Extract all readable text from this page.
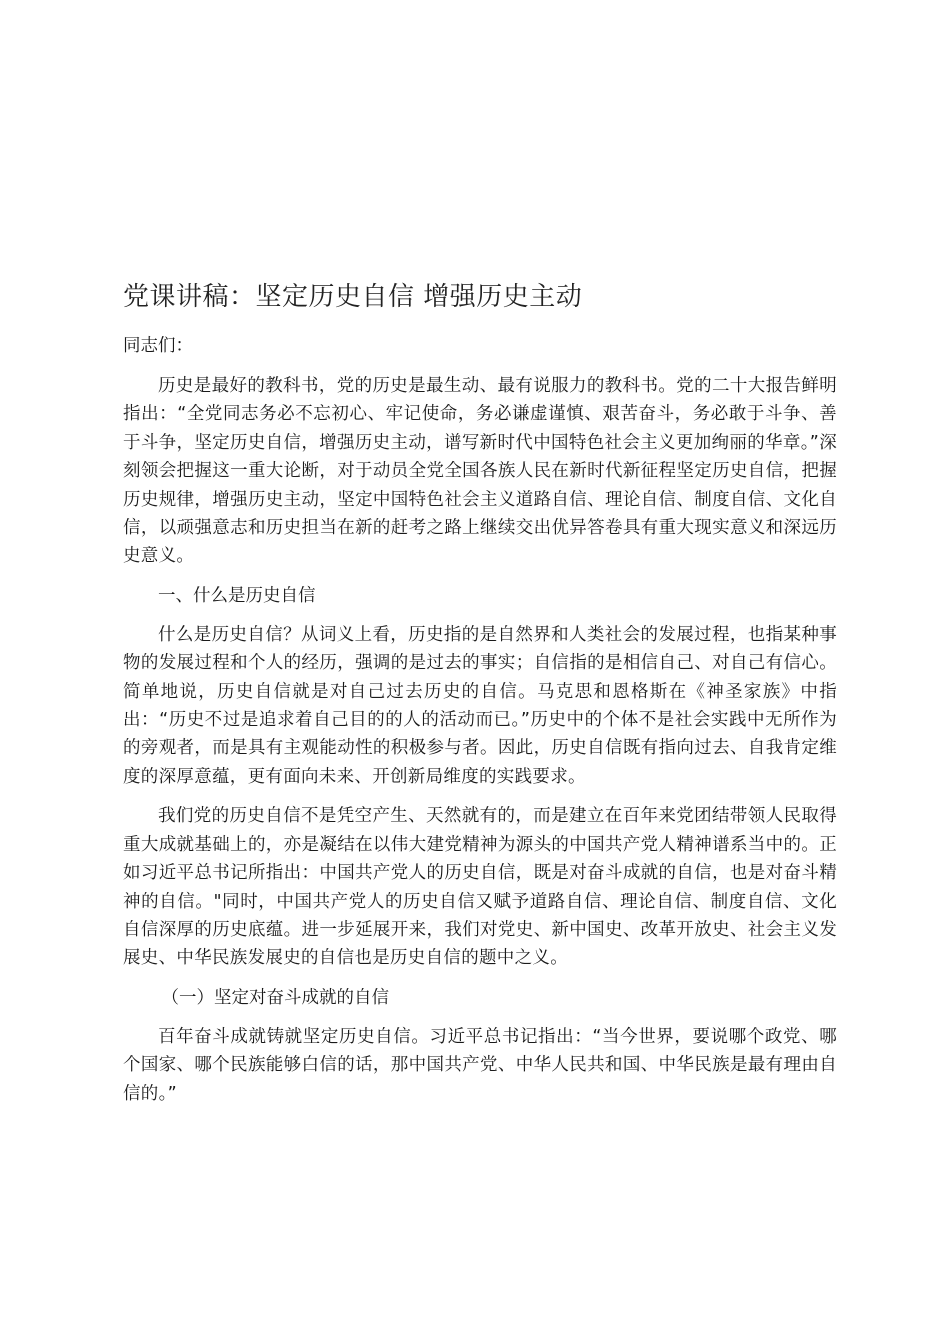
党课讲稿：坚定历史自信 增强历史主动

同志们：

历史是最好的教科书，党的历史是最生动、最有说服力的教科书。党的二十大报告鲜明指出：“全党同志务必不忘初心、牢记使命，务必谦虚谨慎、艰苦奋斗，务必敢于斗争、善于斗争，坚定历史自信，增强历史主动，谱写新时代中国特色社会主义更加绚丽的华章。”深刻领会把握这一重大论断，对于动员全党全国各族人民在新时代新征程坚定历史自信，把握历史规律，增强历史主动，坚定中国特色社会主义道路自信、理论自信、制度自信、文化自信，以顽强意志和历史担当在新的赶考之路上继续交出优异答卷具有重大现实意义和深远历史意义。

一、什么是历史自信

什么是历史自信？从词义上看，历史指的是自然界和人类社会的发展过程，也指某种事物的发展过程和个人的经历，强调的是过去的事实；自信指的是相信自己、对自己有信心。简单地说，历史自信就是对自己过去历史的自信。马克思和恩格斯在《神圣家族》中指出：“历史不过是追求着自己目的的人的活动而已。”历史中的个体不是社会实践中无所作为的旁观者，而是具有主观能动性的积极参与者。因此，历史自信既有指向过去、自我肯定维度的深厚意蕴，更有面向未来、开创新局维度的实践要求。

我们党的历史自信不是凭空产生、天然就有的，而是建立在百年来党团结带领人民取得重大成就基础上的，亦是凝结在以伟大建党精神为源头的中国共产党人精神谱系当中的。正如习近平总书记所指出：中国共产党人的历史自信，既是对奋斗成就的自信，也是对奋斗精神的自信。"同时，中国共产党人的历史自信又赋予道路自信、理论自信、制度自信、文化自信深厚的历史底蕴。进一步延展开来，我们对党史、新中国史、改革开放史、社会主义发展史、中华民族发展史的自信也是历史自信的题中之义。

（一）坚定对奋斗成就的自信

百年奋斗成就铸就坚定历史自信。习近平总书记指出：“当今世界，要说哪个政党、哪个国家、哪个民族能够白信的话，那中国共产党、中华人民共和国、中华民族是最有理由自信的。”
